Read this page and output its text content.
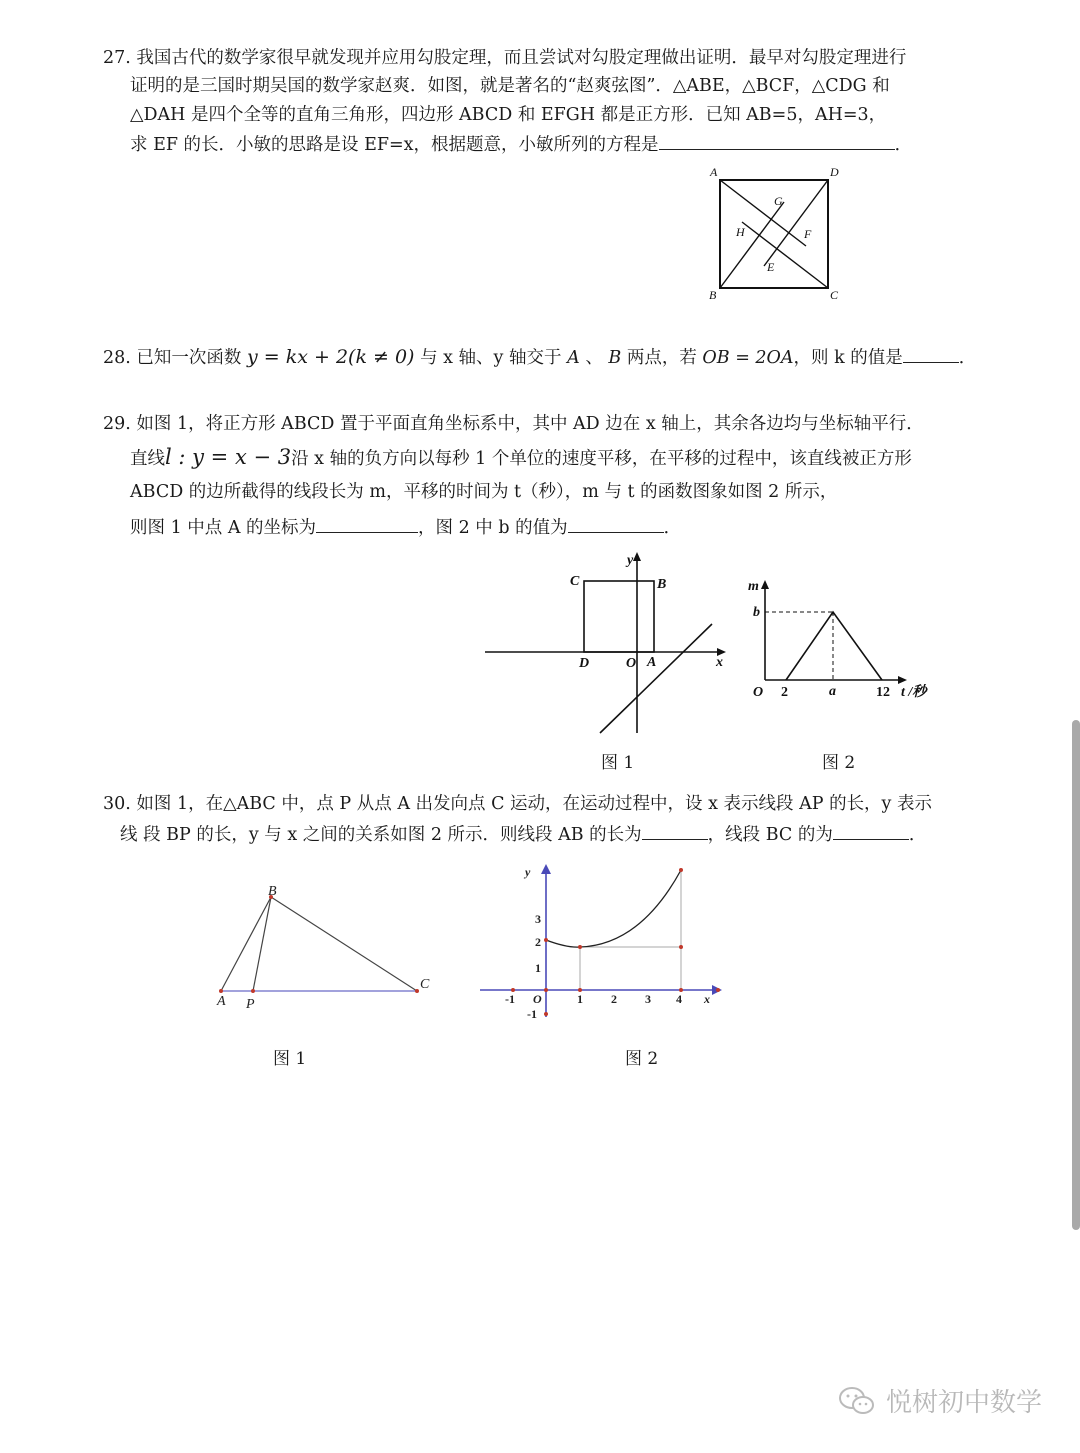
27. 我国古代的数学家很早就发现并应用勾股定理，而且尝试对勾股定理做出证明．最早对勾股定理进行
证明的是三国时期吴国的数学家赵爽．如图，就是著名的“赵爽弦图”．△ABE，△BCF，△CDG 和
△DAH 是四个全等的直角三角形，四边形 ABCD 和 EFGH 都是正方形．已知 AB=5，AH=3，
求 EF 的长．小敏的思路是设 EF=x，根据题意，小敏所列的方程是	．
A	D
B	C
G
F
H
E
28. 已知一次函数 y = kx + 2(k ≠ 0) 与 x 轴、y 轴交于 A 、 B 两点，若 OB = 2OA，则 k 的值是	．
29. 如图 1，将正方形 ABCD 置于平面直角坐标系中，其中 AD 边在 x 轴上，其余各边均与坐标轴平行．
直线l : y = x − 3沿 x 轴的负方向以每秒 1 个单位的速度平移，在平移的过程中，该直线被正方形
ABCD 的边所截得的线段长为 m，平移的时间为 t（秒），m 与 t 的函数图象如图 2 所示，
则图 1 中点 A 的坐标为	，图 2 中 b 的值为	．
y
x
C	B
D	O A
图 1
m
b
O 2	a	12 t /秒
图 2
30. 如图 1，在△ABC 中，点 P 从点 A 出发向点 C 运动，在运动过程中，设 x 表示线段 AP 的长，y 表示
线 段 BP 的长，y 与 x 之间的关系如图 2 所示．则线段 AB 的长为	，线段 BC 的为	．
A
B
C
P
图 1
y
x
O
-1	1 2 3 4
1
2
3
-1
图 2
悦树初中数学
